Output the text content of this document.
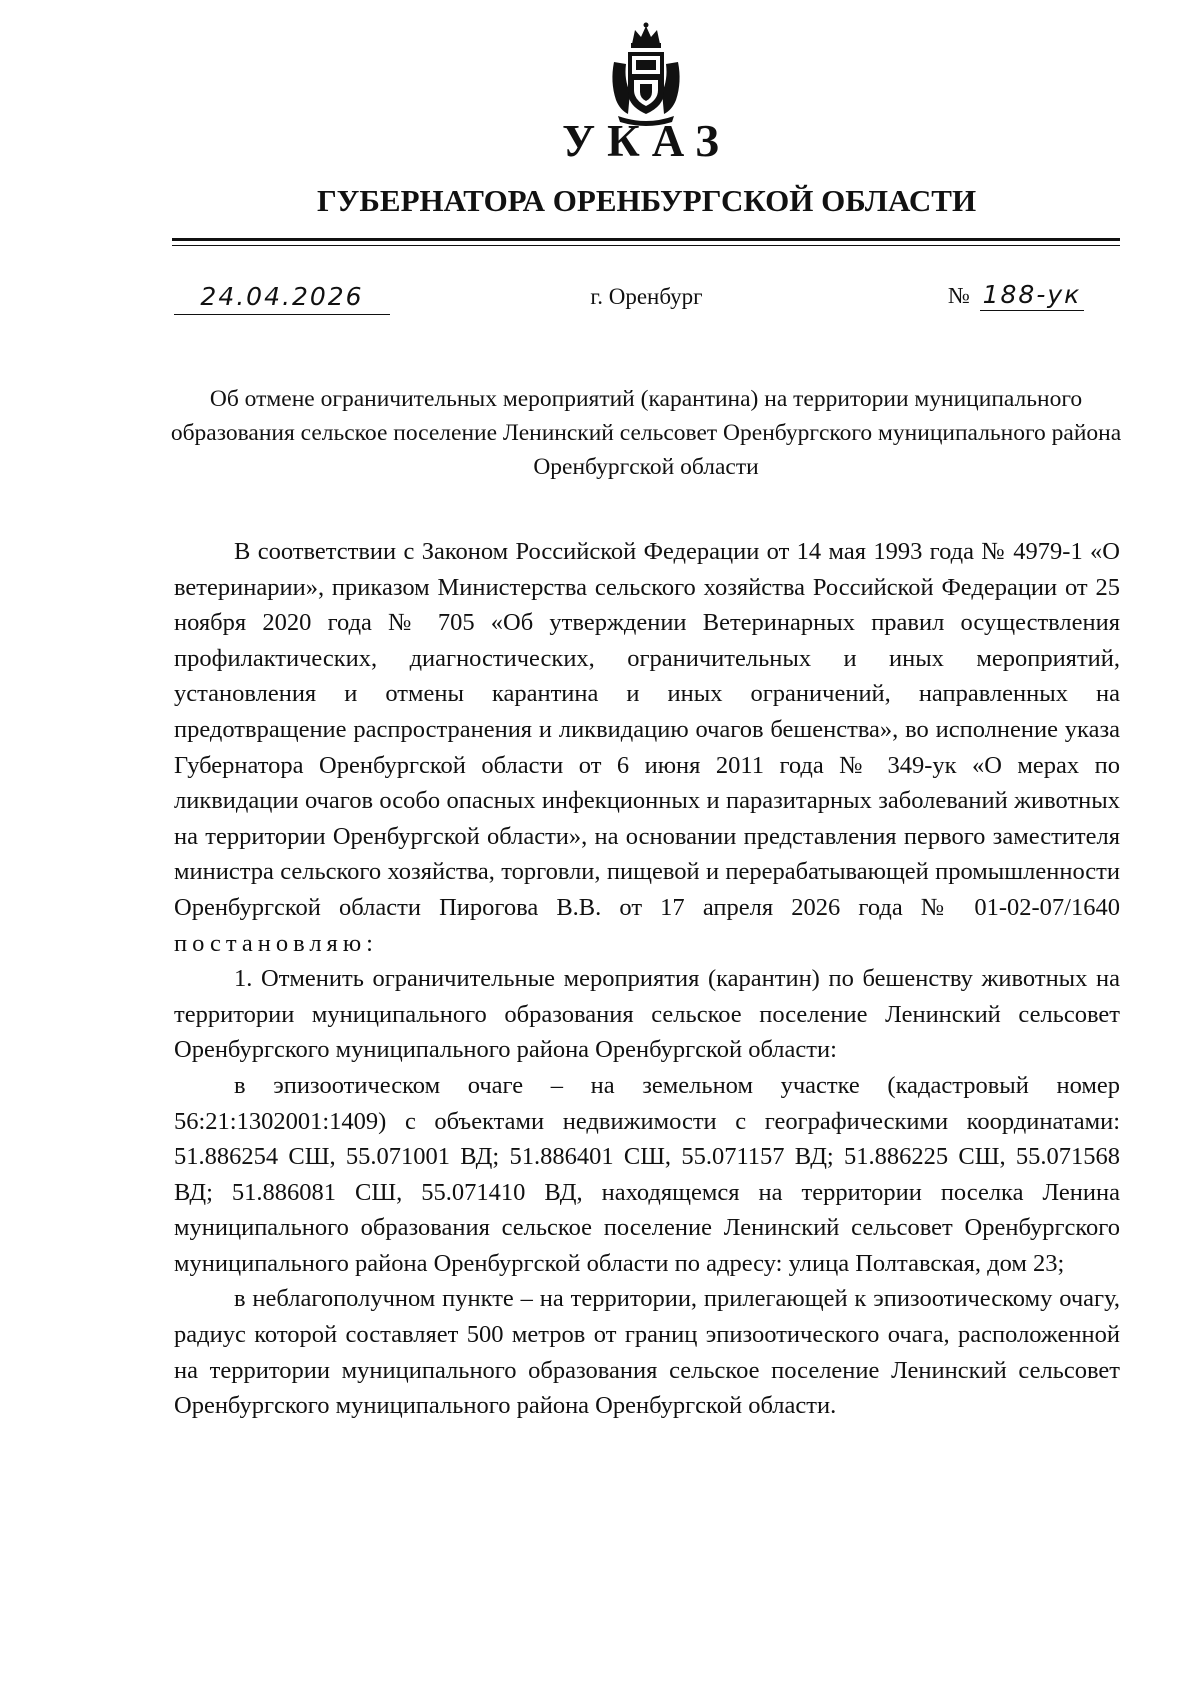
УКАЗ
ГУБЕРНАТОРА ОРЕНБУРГСКОЙ ОБЛАСТИ
24.04.2026	г. Оренбург	№ 188-ук
Об отмене ограничительных мероприятий (карантина) на территории муниципального образования сельское поселение Ленинский сельсовет Оренбургского муниципального района Оренбургской области

В соответствии с Законом Российской Федерации от 14 мая 1993 года № 4979-1 «О ветеринарии», приказом Министерства сельского хозяйства Российской Федерации от 25 ноября 2020 года № 705 «Об утверждении Ветеринарных правил осуществления профилактических, диагностических, ограничительных и иных мероприятий, установления и отмены карантина и иных ограничений, направленных на предотвращение распространения и ликвидацию очагов бешенства», во исполнение указа Губернатора Оренбургской области от 6 июня 2011 года № 349-ук «О мерах по ликвидации очагов особо опасных инфекционных и паразитарных заболеваний животных на территории Оренбургской области», на основании представления первого заместителя министра сельского хозяйства, торговли, пищевой и перерабатывающей промышленности Оренбургской области Пирогова В.В. от 17 апреля 2026 года № 01-02-07/1640 постановляю:

1. Отменить ограничительные мероприятия (карантин) по бешенству животных на территории муниципального образования сельское поселение Ленинский сельсовет Оренбургского муниципального района Оренбургской области:

в эпизоотическом очаге – на земельном участке (кадастровый номер 56:21:1302001:1409) с объектами недвижимости с географическими координатами: 51.886254 СШ, 55.071001 ВД; 51.886401 СШ, 55.071157 ВД; 51.886225 СШ, 55.071568 ВД; 51.886081 СШ, 55.071410 ВД, находящемся на территории поселка Ленина муниципального образования сельское поселение Ленинский сельсовет Оренбургского муниципального района Оренбургской области по адресу: улица Полтавская, дом 23;

в неблагополучном пункте – на территории, прилегающей к эпизоотическому очагу, радиус которой составляет 500 метров от границ эпизоотического очага, расположенной на территории муниципального образования сельское поселение Ленинский сельсовет Оренбургского муниципального района Оренбургской области.
